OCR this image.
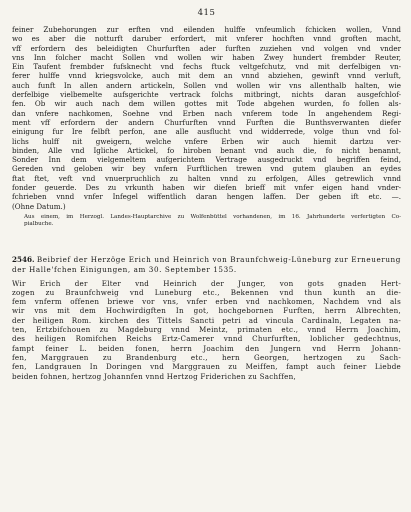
415
feiner Zubehorungen zur erften vnd eilenden hulffe vnfeumlich fchicken wollen, Vnnd
wo es aber die notturft daruber erfordert, mit vnferer hochften vnnd groften macht,
vff erfordern des beleidigten Churfurften ader furften zuziehen vnd volgen vnd vnder
vns Inn folcher macht Sollen vnd wollen wir haben Zwey hundert frembder Reuter,
Ein Taufent frembder fufsknecht vnd fechs ftuck veltgefchutz, vnd mit derfelbigen vn-
ferer hulffe vnnd kriegsvolcke, auch mit dem an vnnd abziehen, gewinft vnnd verluft,
auch funft In allen andern artickeln, Sollen vnd wollen wir vns allenthalb halten, wie
derfelbige vielbemelte aufsgerichte vertrack folchs mitbringt, nichts daran ausgefchlof-
fen. Ob wir auch nach dem willen gottes mit Tode abgehen wurden, fo follen als-
dan vnfere nachkomen, Soehne vnd Erben nach vnferem tode In angehendem Regi-
ment vff erfordern der andern Churfurften vnnd Furften die Bunthsverwanten diefer
einigung fur Ire felbft perfon, ane alle ausflucht vnd widderrede, volge thun vnd fol-
lichs hulff nit gweigern, welche vnfere Erben wir auch hiemit dartzu ver-
binden, Alle vnd Igliche Artickel, fo hiroben benant vnd auch die, fo nicht benannt,
Sonder Inn dem vielgemeltem aufgerichtem Vertrage ausgedruckt vnd begriffen feind,
Gereden vnd geloben wir bey vnfern Furftlichen trewen vnd gutem glauben an eydes
ftat ftet, veft vnd vnuerpruchlich zu halten vnnd zu erfolgen, Alles getrewlich vnnd
fonder geuerde. Des zu vrkunth haben wir diefen brieff mit vnfer eigen hand vnder-
fchrieben vnnd vnfer Infegel wiffentlich daran hengen laffen. Der geben ift etc. —.
(Ohne Datum.)
Aus einem, im Herzogl. Landes-Hauptarchive zu Wolfenbüttel vorhandenen, im 16. Jahrhunderte verfertigten Co-
pialbuche.
2546. Beibrief der Herzöge Erich und Heinrich von Braunfchweig-Lüneburg zur Erneuerung
der Halle'fchen Einigungen, am 30. September 1535.
Wir Erich der Elter vnd Heinrich der Junger, von gots gnaden Hert-
zogen zu Braunfchweig vnd Luneburg etc., Bekennen vnd thun kunth an die-
fem vnferm offenen briewe vor vns, vnfer erben vnd nachkomen, Nachdem vnd als
wir vns mit dem Hochwirdigften In got, hochgebornen Furften, herrn Albrechten,
der heiligen Rom. kirchen des Tittels Sancti petri ad vincula Cardinaln, Legaten na-
ten, Ertzbifchouen zu Magdeburg vnnd Meintz, primaten etc., vnnd Herrn Joachim,
des heiligen Romifchen Reichs Ertz-Camerer vnnd Churfurften, loblicher gedechtnus,
fampt feiner L. beiden fonen, herrn Joachim den Jungern vnd Herrn Johann-
fen, Marggrauen zu Brandenburg etc., hern Georgen, hertzogen zu Sach-
fen, Landgrauen In Doringen vnd Marggrauen zu Meiffen, fampt auch feiner Liebde
beiden fohnen, hertzog Johannfen vnnd Hertzog Friderichen zu Sachffen,
